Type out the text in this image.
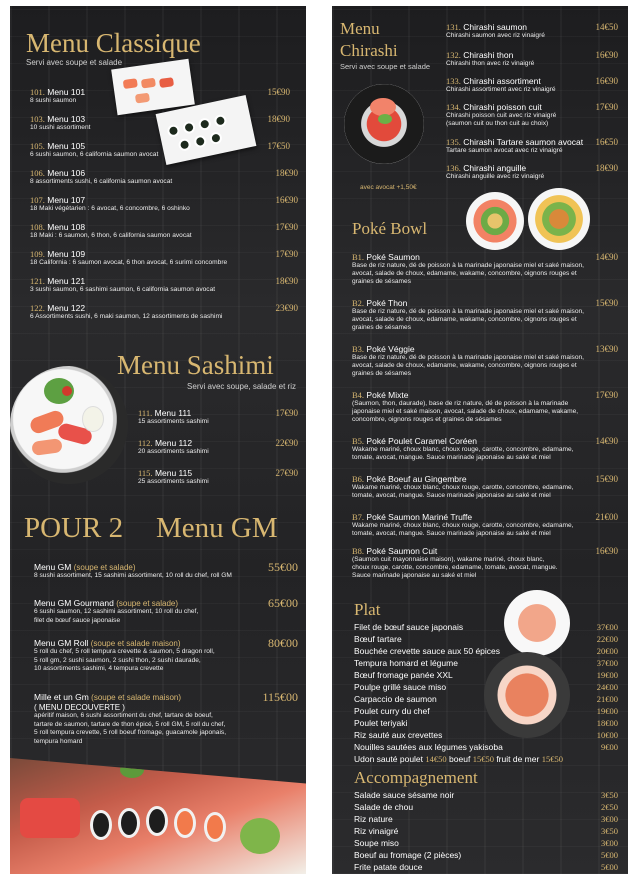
Menu Classique
Servi avec soupe et salade
101. Menu 101	15€90
8 sushi saumon
103. Menu 103	18€90
10 sushi assortiment
105. Menu 105	17€50
6 sushi saumon, 6 california saumon avocat
106. Menu 106	18€90
8 assortiments sushi, 6 california saumon avocat
107. Menu 107	16€90
18 Maki végétarien : 6 avocat, 6 concombre, 6 oshinko
108. Menu 108	17€90
18 Maki : 6 saumon, 6 thon, 6 california saumon avocat
109. Menu 109	17€90
18 California : 6 saumon avocat, 6 thon avocat, 6 surimi concombre
121. Menu 121	18€90
3 sushi saumon, 6 sashimi saumon, 6 california saumon avocat
122. Menu 122	23€90
6 Assortiments sushi, 6 maki saumon, 12 assortiments de sashimi
Menu Sashimi
Servi avec soupe, salade et riz
111. Menu 111	17€90
15 assortiments sashimi
112. Menu 112	22€90
20 assortiments sashimi
115. Menu 115	27€90
25 assortiments sashimi
POUR 2 Menu GM
Menu GM (soupe et salade)	55€00
8 sushi assortiment, 15 sashimi assortiment, 10 roll du chef, roll GM
Menu GM Gourmand (soupe et salade)	65€00
6 sushi saumon, 12 sashimi assortiment, 10 roll du chef,
filet de bœuf sauce japonaise
Menu GM Roll (soupe et salade maison)	80€00
5 roll du chef, 5 roll tempura crevette & saumon, 5 dragon roll,
5 roll gm, 2 sushi saumon, 2 sushi thon, 2 sushi daurade,
10 assortiments sashimi, 4 tempura crevette
Mille et un Gm (soupe et salade maison)	115€00
( MENU DECOUVERTE )
apéritif maison, 6 sushi assortiment du chef, tartare de boeuf,
tartare de saumon, tartare de thon épicé, 5 roll GM, 5 roll du chef,
5 roll tempura crevette, 5 roll boeuf fromage, guacamole japonais,
tempura homard
Menu
Chirashi
Servi avec soupe et salade
avec avocat +1,50€
131. Chirashi saumon	14€50
Chirashi saumon avec riz vinaigré
132. Chirashi thon	16€90
Chirashi thon avec riz vinaigré
133. Chirashi assortiment	16€90
Chirashi assortiment avec riz vinaigré
134. Chirashi poisson cuit	17€90
Chirashi poisson cuit avec riz vinaigré
(saumon cuit ou thon cuit au choix)
135. Chirashi Tartare saumon avocat	16€50
Tartare saumon avocat avec riz vinaigré
136. Chirashi anguille	18€90
Chirashi anguille avec riz vinaigré
Poké Bowl
B1. Poké Saumon	14€90
Base de riz nature, dé de poisson à la marinade japonaise miel et saké maison,
avocat, salade de choux, edamame, wakame, concombre, oignons rouges et
graines de sésames
B2. Poké Thon	15€90
Base de riz nature, dé de poisson à la marinade japonaise miel et saké maison,
avocat, salade de choux, edamame, wakame, concombre, oignons rouges et
graines de sésames
B3. Poké Véggie	13€90
Base de riz nature, dé de poisson à la marinade japonaise miel et saké maison,
avocat, salade de choux, edamame, wakame, concombre, oignons rouges et
graines de sésames
B4. Poké Mixte	17€90
(Saumon, thon, daurade), base de riz nature, dé de poisson à la marinade
japonaise miel et saké maison, avocat, salade de choux, edamame, wakame,
concombre, oignons rouges et graines de sésames
B5. Poké Poulet Caramel Coréen	14€90
Wakame mariné, choux blanc, choux rouge, carotte, concombre, edamame,
tomate, avocat, mangue. Sauce marinade japonaise au saké et miel
B6. Poké Boeuf au Gingembre	15€90
Wakame mariné, choux blanc, choux rouge, carotte, concombre, edamame,
tomate, avocat, mangue. Sauce marinade japonaise au saké et miel
B7. Poké Saumon Mariné Truffe	21€00
Wakame mariné, choux blanc, choux rouge, carotte, concombre, edamame,
tomate, avocat, mangue. Sauce marinade japonaise au saké et miel
B8. Poké Saumon Cuit	16€90
(Saumon cuit mayonnaise maison), wakame mariné, choux blanc,
choux rouge, carotte, concombre, edamame, tomate, avocat, mangue.
Sauce marinade japonaise au saké et miel
Plat
Filet de bœuf sauce japonais	37€00
Bœuf tartare	22€00
Bouchée crevette sauce aux 50 épices	20€00
Tempura homard et légume	37€00
Bœuf fromage panée XXL	19€00
Poulpe grillé sauce miso	24€00
Carpaccio de saumon	21€00
Poulet curry du chef	19€00
Poulet teriyaki	18€00
Riz sauté aux crevettes	10€00
Nouilles sautées aux légumes yakisoba	9€00
Udon sauté poulet 14€50 boeuf 15€50 fruit de mer 15€50
Accompagnement
Salade sauce sésame noir	3€50
Salade de chou	2€50
Riz nature	3€00
Riz vinaigré	3€50
Soupe miso	3€00
Boeuf au fromage (2 pièces)	5€00
Frite patate douce	5€00
